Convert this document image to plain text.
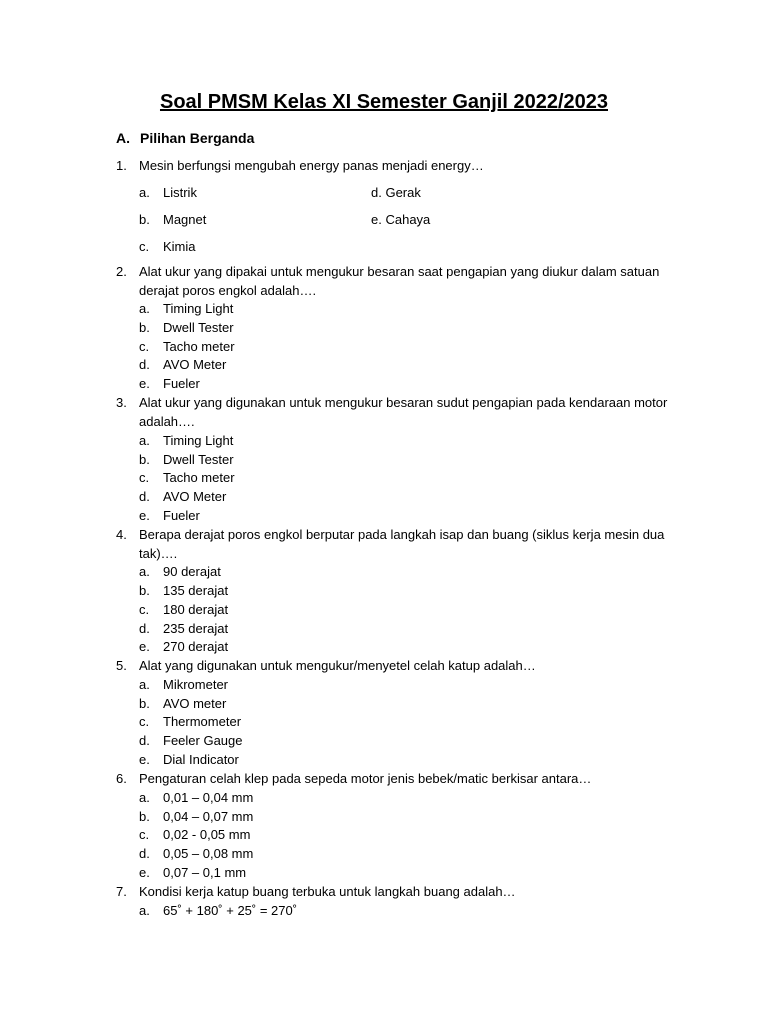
Soal PMSM Kelas XI Semester Ganjil 2022/2023
A. Pilihan Berganda
1. Mesin berfungsi mengubah energy panas menjadi energy…
a. Listrik	d. Gerak
b. Magnet	e. Cahaya
c. Kimia
2. Alat ukur yang dipakai untuk mengukur besaran saat pengapian yang diukur dalam satuan derajat poros engkol adalah….
a. Timing Light
b. Dwell Tester
c. Tacho meter
d. AVO Meter
e. Fueler
3. Alat ukur yang digunakan untuk mengukur besaran sudut pengapian pada kendaraan motor adalah….
a. Timing Light
b. Dwell Tester
c. Tacho meter
d. AVO Meter
e. Fueler
4. Berapa derajat poros engkol berputar pada langkah isap dan buang (siklus kerja mesin dua tak)….
a. 90 derajat
b. 135 derajat
c. 180 derajat
d. 235 derajat
e. 270 derajat
5. Alat yang digunakan untuk mengukur/menyetel celah katup adalah…
a. Mikrometer
b. AVO meter
c. Thermometer
d. Feeler Gauge
e. Dial Indicator
6. Pengaturan celah klep pada sepeda motor jenis bebek/matic berkisar antara…
a. 0,01 – 0,04 mm
b. 0,04 – 0,07 mm
c. 0,02 - 0,05 mm
d. 0,05 – 0,08 mm
e. 0,07 – 0,1 mm
7. Kondisi kerja katup buang terbuka untuk langkah buang adalah…
a. 65˚ + 180˚ + 25˚ = 270˚
